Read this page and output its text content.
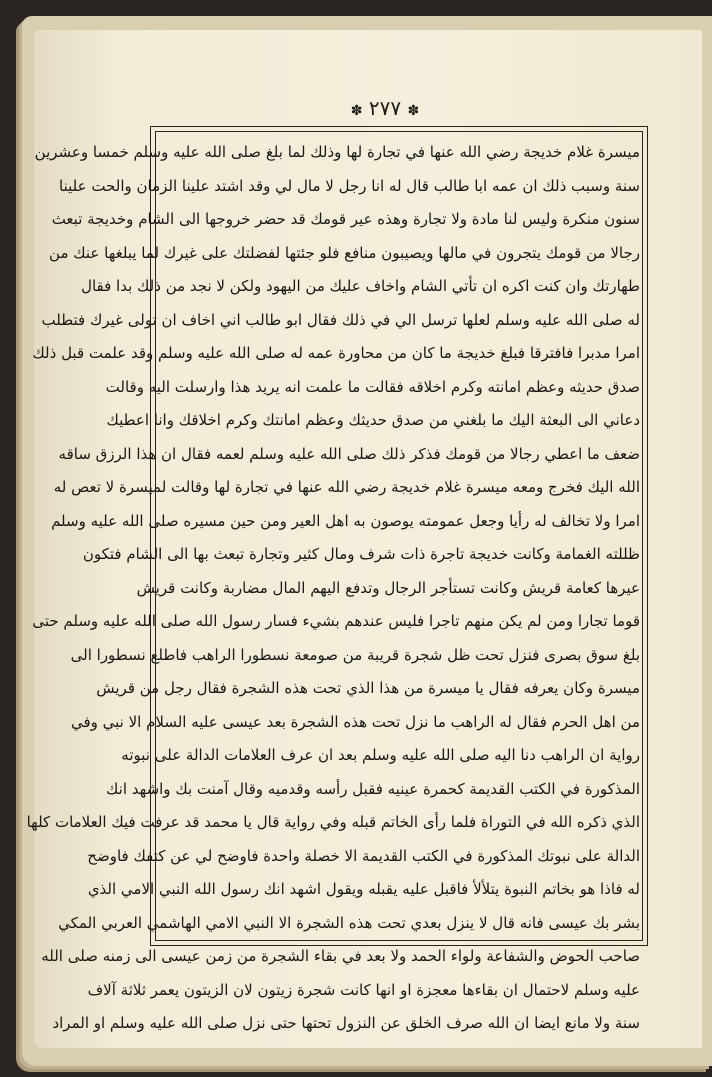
✽ ٢٧٧ ✽
ميسرة غلام خديجة رضي الله عنها في تجارة لها وذلك لما بلغ صلى الله عليه وسلم خمسا وعشرين
سنة وسبب ذلك ان عمه ابا طالب قال له انا رجل لا مال لي وقد اشتد علينا الزمان والحت علينا
سنون منكرة وليس لنا مادة ولا تجارة وهذه عير قومك قد حضر خروجها الى الشام وخديجة تبعث
رجالا من قومك يتجرون في مالها ويصيبون منافع فلو جئتها لفضلتك على غيرك لما يبلغها عنك من
طهارتك وان كنت اكره ان تأتي الشام واخاف عليك من اليهود ولكن لا نجد من ذلك بدا فقال
له صلى الله عليه وسلم لعلها ترسل الي في ذلك فقال ابو طالب اني اخاف ان تولى غيرك فتطلب
امرا مدبرا فافترقا فبلغ خديجة ما كان من محاورة عمه له صلى الله عليه وسلم وقد علمت قبل ذلك
صدق حديثه وعظم امانته وكرم اخلاقه فقالت ما علمت انه يريد هذا وارسلت اليه وقالت
دعاني الى البعثة اليك ما بلغني من صدق حديثك وعظم امانتك وكرم اخلاقك وانا اعطيك
ضعف ما اعطي رجالا من قومك فذكر ذلك صلى الله عليه وسلم لعمه فقال ان هذا الرزق ساقه
الله اليك فخرج ومعه ميسرة غلام خديجة رضي الله عنها في تجارة لها وقالت لميسرة لا تعص له
امرا ولا تخالف له رأيا وجعل عمومته يوصون به اهل العير ومن حين مسيره صلى الله عليه وسلم
ظللته الغمامة وكانت خديجة تاجرة ذات شرف ومال كثير وتجارة تبعث بها الى الشام فتكون
عيرها كعامة قريش وكانت تستأجر الرجال وتدفع اليهم المال مضاربة وكانت قريش
قوما تجارا ومن لم يكن منهم تاجرا فليس عندهم بشيء فسار رسول الله صلى الله عليه وسلم حتى
بلغ سوق بصرى فنزل تحت ظل شجرة قريبة من صومعة نسطورا الراهب فاطلع نسطورا الى
ميسرة وكان يعرفه فقال يا ميسرة من هذا الذي تحت هذه الشجرة فقال رجل من قريش
من اهل الحرم فقال له الراهب ما نزل تحت هذه الشجرة بعد عيسى عليه السلام الا نبي وفي
رواية ان الراهب دنا اليه صلى الله عليه وسلم بعد ان عرف العلامات الدالة على نبوته
المذكورة في الكتب القديمة كحمرة عينيه فقبل رأسه وقدميه وقال آمنت بك واشهد انك
الذي ذكره الله في التوراة فلما رأى الخاتم قبله وفي رواية قال يا محمد قد عرفت فيك العلامات كلها
الدالة على نبوتك المذكورة في الكتب القديمة الا خصلة واحدة فاوضح لي عن كتفك فاوضح
له فاذا هو بخاتم النبوة يتلألأ فاقبل عليه يقبله ويقول اشهد انك رسول الله النبي الامي الذي
بشر بك عيسى فانه قال لا ينزل بعدي تحت هذه الشجرة الا النبي الامي الهاشمي العربي المكي
صاحب الحوض والشفاعة ولواء الحمد ولا بعد في بقاء الشجرة من زمن عيسى الى زمنه صلى الله
عليه وسلم لاحتمال ان بقاءها معجزة او انها كانت شجرة زيتون لان الزيتون يعمر ثلاثة آلاف
سنة ولا مانع ايضا ان الله صرف الخلق عن النزول تحتها حتى نزل صلى الله عليه وسلم او المراد
